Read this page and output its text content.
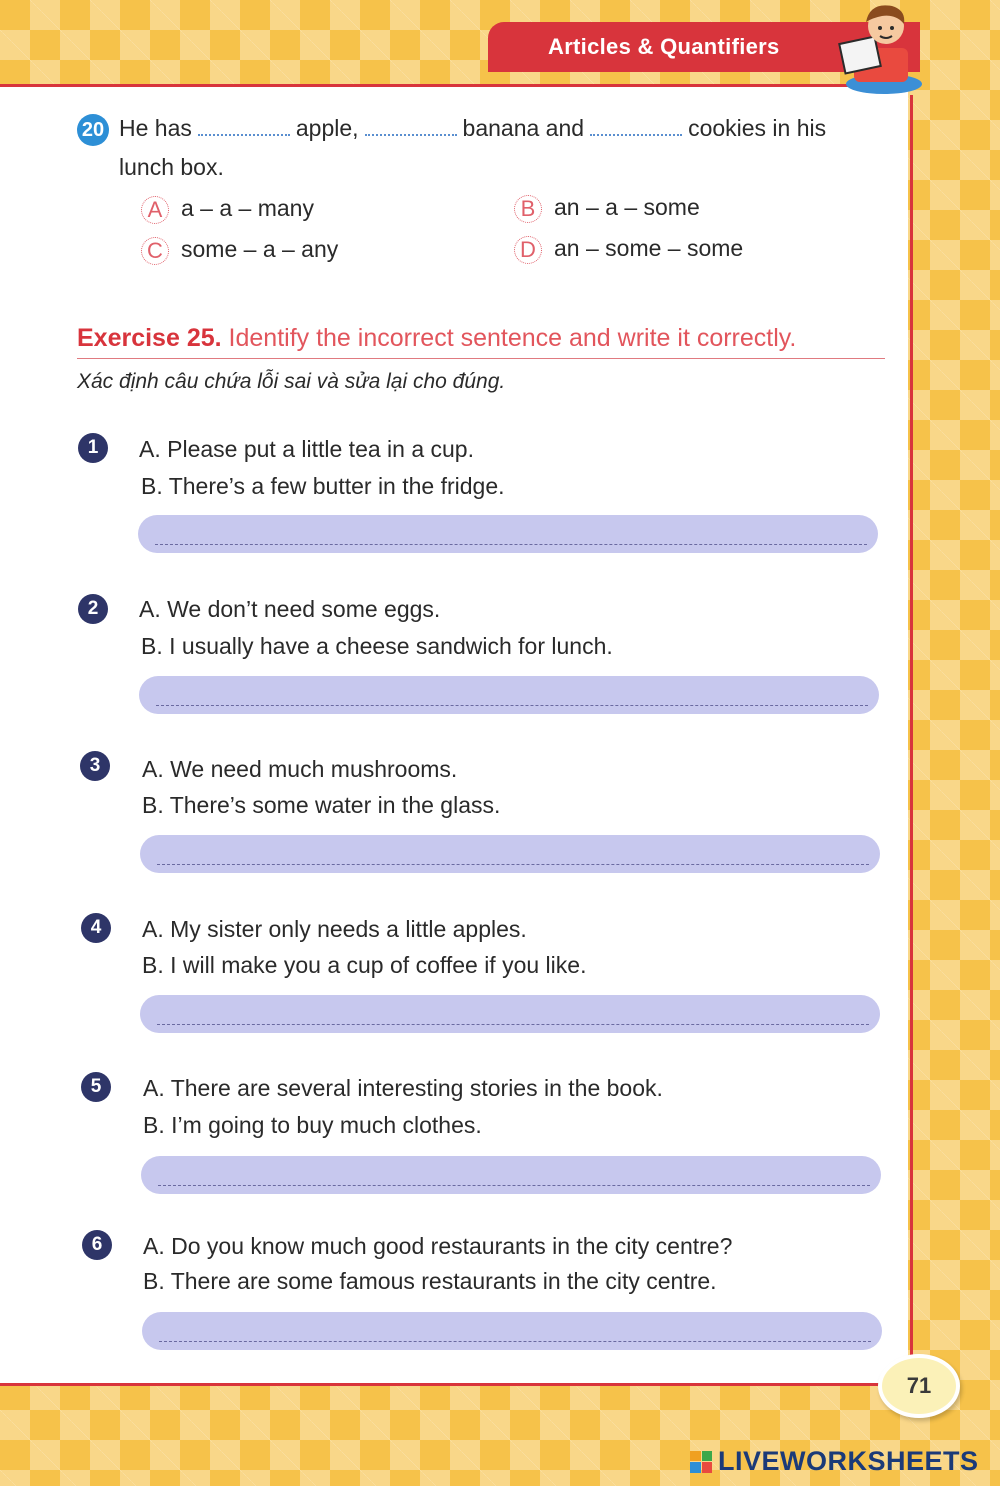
Articles & Quantifiers
20 He has	apple,	banana and	cookies in his
lunch box.
A a – a – many	B an – a – some
C some – a – any	D an – some – some
Exercise 25. Identify the incorrect sentence and write it correctly.
Xác định câu chứa lỗi sai và sửa lại cho đúng.
1	A. Please put a little tea in a cup.
B. There’s a few butter in the fridge.
2	A. We don’t need some eggs.
B. I usually have a cheese sandwich for lunch.
3	A. We need much mushrooms.
B. There’s some water in the glass.
4	A. My sister only needs a little apples.
B. I will make you a cup of coffee if you like.
5	A. There are several interesting stories in the book.
B. I’m going to buy much clothes.
6	A. Do you know much good restaurants in the city centre?
B. There are some famous restaurants in the city centre.
71
LIVEWORKSHEETS
